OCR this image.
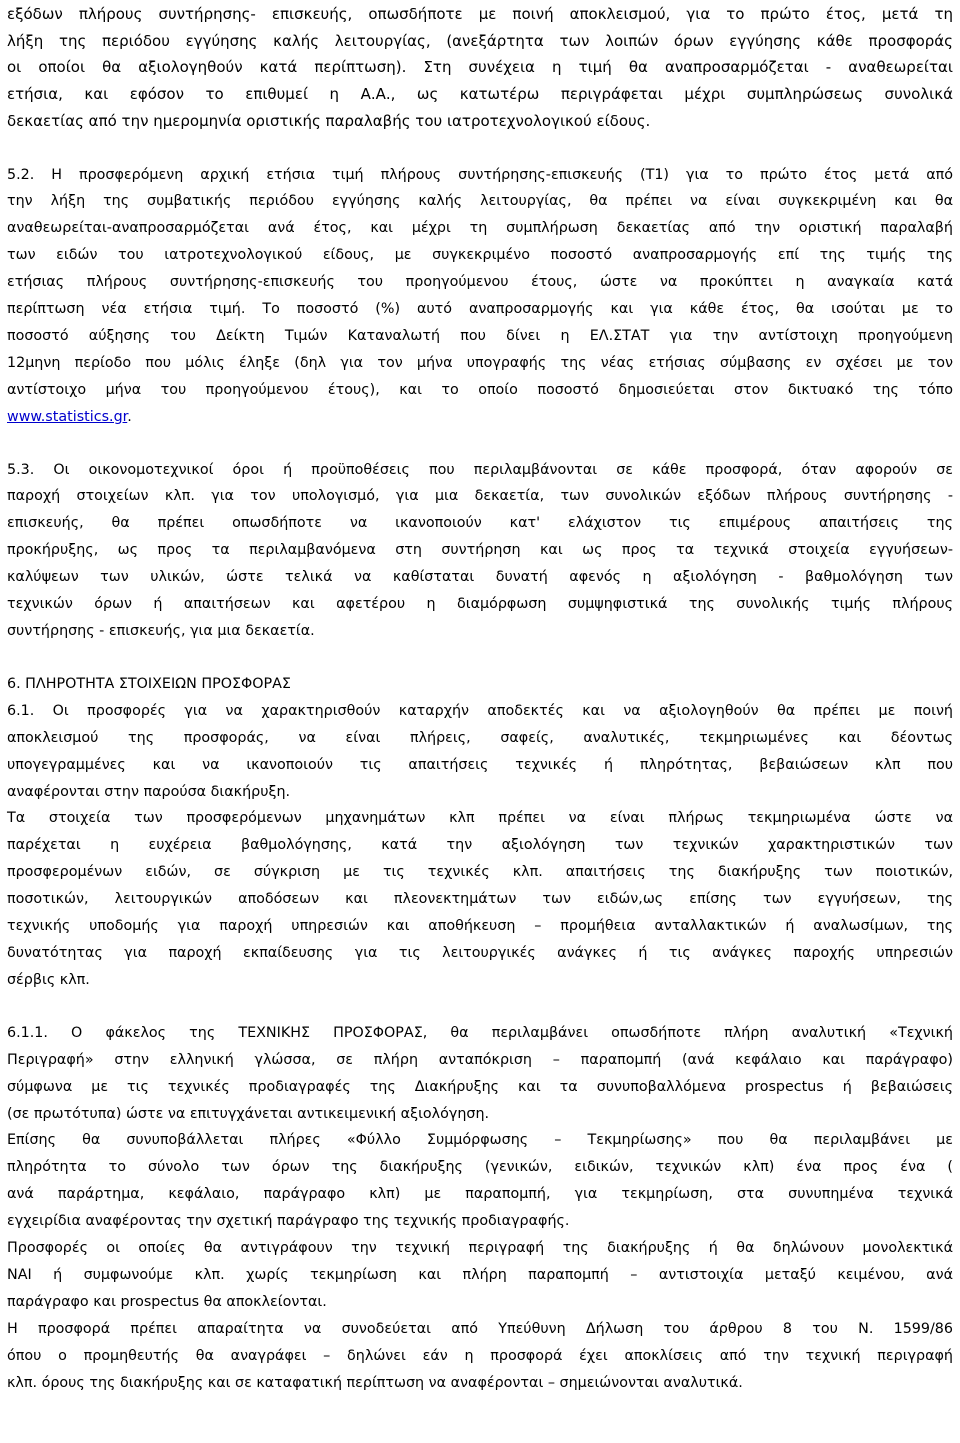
εξόδων πλήρους συντήρησης- επισκευής, οπωσδήποτε με ποινή αποκλεισμού, για το πρώτο έτος, μετά τη
λήξη της περιόδου εγγύησης καλής λειτουργίας, (ανεξάρτητα των λοιπών όρων εγγύησης κάθε προσφοράς
οι οποίοι θα αξιολογηθούν κατά περίπτωση). Στη συνέχεια η τιμή θα αναπροσαρμόζεται - αναθεωρείται
ετήσια, και εφόσον το επιθυμεί η Α.Α., ως κατωτέρω περιγράφεται μέχρι συμπληρώσεως συνολικά
δεκαετίας από την ημερομηνία οριστικής παραλαβής του ιατροτεχνολογικού είδους.
5.2. Η προσφερόμενη αρχική ετήσια τιμή πλήρους συντήρησης-επισκευής (Τ1) για το πρώτο έτος μετά από
την λήξη της συμβατικής περιόδου εγγύησης καλής λειτουργίας, θα πρέπει να είναι συγκεκριμένη και θα
αναθεωρείται-αναπροσαρμόζεται ανά έτος, και μέχρι τη συμπλήρωση δεκαετίας από την οριστική παραλαβή
των ειδών του ιατροτεχνολογικού είδους, με συγκεκριμένο ποσοστό αναπροσαρμογής επί της τιμής της
ετήσιας πλήρους συντήρησης-επισκευής του προηγούμενου έτους, ώστε να προκύπτει η αναγκαία κατά
περίπτωση νέα ετήσια τιμή. Το ποσοστό (%) αυτό αναπροσαρμογής και για κάθε έτος, θα ισούται με το
ποσοστό αύξησης του Δείκτη Τιμών Καταναλωτή που δίνει η ΕΛ.ΣΤΑΤ για την αντίστοιχη προηγούμενη
12μηνη περίοδο που μόλις έληξε (δηλ για τον μήνα υπογραφής της νέας ετήσιας σύμβασης εν σχέσει με τον
αντίστοιχο μήνα του προηγούμενου έτους), και το οποίο ποσοστό δημοσιεύεται στον δικτυακό της τόπο
www.statistics.gr.
5.3. Οι οικονομοτεχνικοί όροι ή προϋποθέσεις που περιλαμβάνονται σε κάθε προσφορά, όταν αφορούν σε
παροχή στοιχείων κλπ. για τον υπολογισμό, για μια δεκαετία, των συνολικών εξόδων πλήρους συντήρησης -
επισκευής, θα πρέπει οπωσδήποτε να ικανοποιούν κατ' ελάχιστον τις επιμέρους απαιτήσεις της
προκήρυξης, ως προς τα περιλαμβανόμενα στη συντήρηση και ως προς τα τεχνικά στοιχεία εγγυήσεων-
καλύψεων των υλικών, ώστε τελικά να καθίσταται δυνατή αφενός η αξιολόγηση - βαθμολόγηση των
τεχνικών όρων ή απαιτήσεων και αφετέρου η διαμόρφωση συμψηφιστικά της συνολικής τιμής πλήρους
συντήρησης - επισκευής, για μια δεκαετία.
6. ΠΛΗΡΟΤΗΤΑ ΣΤΟΙΧΕΙΩΝ ΠΡΟΣΦΟΡΑΣ
6.1. Οι προσφορές για να χαρακτηρισθούν καταρχήν αποδεκτές και να αξιολογηθούν θα πρέπει με ποινή
αποκλεισμού της προσφοράς, να είναι πλήρεις, σαφείς, αναλυτικές, τεκμηριωμένες και δέοντως
υπογεγραμμένες και να ικανοποιούν τις απαιτήσεις τεχνικές ή πληρότητας, βεβαιώσεων κλπ που
αναφέρονται στην παρούσα διακήρυξη.
Τα στοιχεία των προσφερόμενων μηχανημάτων κλπ πρέπει να είναι πλήρως τεκμηριωμένα ώστε να
παρέχεται η ευχέρεια βαθμολόγησης, κατά την αξιολόγηση των τεχνικών χαρακτηριστικών των
προσφερομένων ειδών, σε σύγκριση με τις τεχνικές κλπ. απαιτήσεις της διακήρυξης των ποιοτικών,
ποσοτικών, λειτουργικών αποδόσεων και πλεονεκτημάτων των ειδών,ως επίσης των εγγυήσεων, της
τεχνικής υποδομής για παροχή υπηρεσιών και αποθήκευση – προμήθεια ανταλλακτικών ή αναλωσίμων, της
δυνατότητας για παροχή εκπαίδευσης για τις λειτουργικές ανάγκες ή τις ανάγκες παροχής υπηρεσιών
σέρβις κλπ.
6.1.1. Ο φάκελος της ΤΕΧΝΙΚΗΣ ΠΡΟΣΦΟΡΑΣ, θα περιλαμβάνει οπωσδήποτε πλήρη αναλυτική «Τεχνική
Περιγραφή» στην ελληνική γλώσσα, σε πλήρη ανταπόκριση – παραπομπή (ανά κεφάλαιο και παράγραφο)
σύμφωνα με τις τεχνικές προδιαγραφές της Διακήρυξης και τα συνυποβαλλόμενα prospectus ή βεβαιώσεις
(σε πρωτότυπα) ώστε να επιτυγχάνεται αντικειμενική αξιολόγηση.
Επίσης θα συνυποβάλλεται πλήρες «Φύλλο Συμμόρφωσης – Τεκμηρίωσης» που θα περιλαμβάνει με
πληρότητα το σύνολο των όρων της διακήρυξης (γενικών, ειδικών, τεχνικών κλπ) ένα προς ένα (
ανά παράρτημα, κεφάλαιο, παράγραφο κλπ) με παραπομπή, για τεκμηρίωση, στα συνυπημένα τεχνικά
εγχειρίδια αναφέροντας την σχετική παράγραφο της τεχνικής προδιαγραφής.
Προσφορές οι οποίες θα αντιγράφουν την τεχνική περιγραφή της διακήρυξης ή θα δηλώνουν μονολεκτικά
ΝΑΙ ή συμφωνούμε κλπ. χωρίς τεκμηρίωση και πλήρη παραπομπή – αντιστοιχία μεταξύ κειμένου, ανά
παράγραφο και prospectus θα αποκλείονται.
Η προσφορά πρέπει απαραίτητα να συνοδεύεται από Υπεύθυνη Δήλωση του άρθρου 8 του Ν. 1599/86
όπου ο προμηθευτής θα αναγράφει – δηλώνει εάν η προσφορά έχει αποκλίσεις από την τεχνική περιγραφή
κλπ. όρους της διακήρυξης και σε καταφατική περίπτωση να αναφέρονται – σημειώνονται αναλυτικά.
